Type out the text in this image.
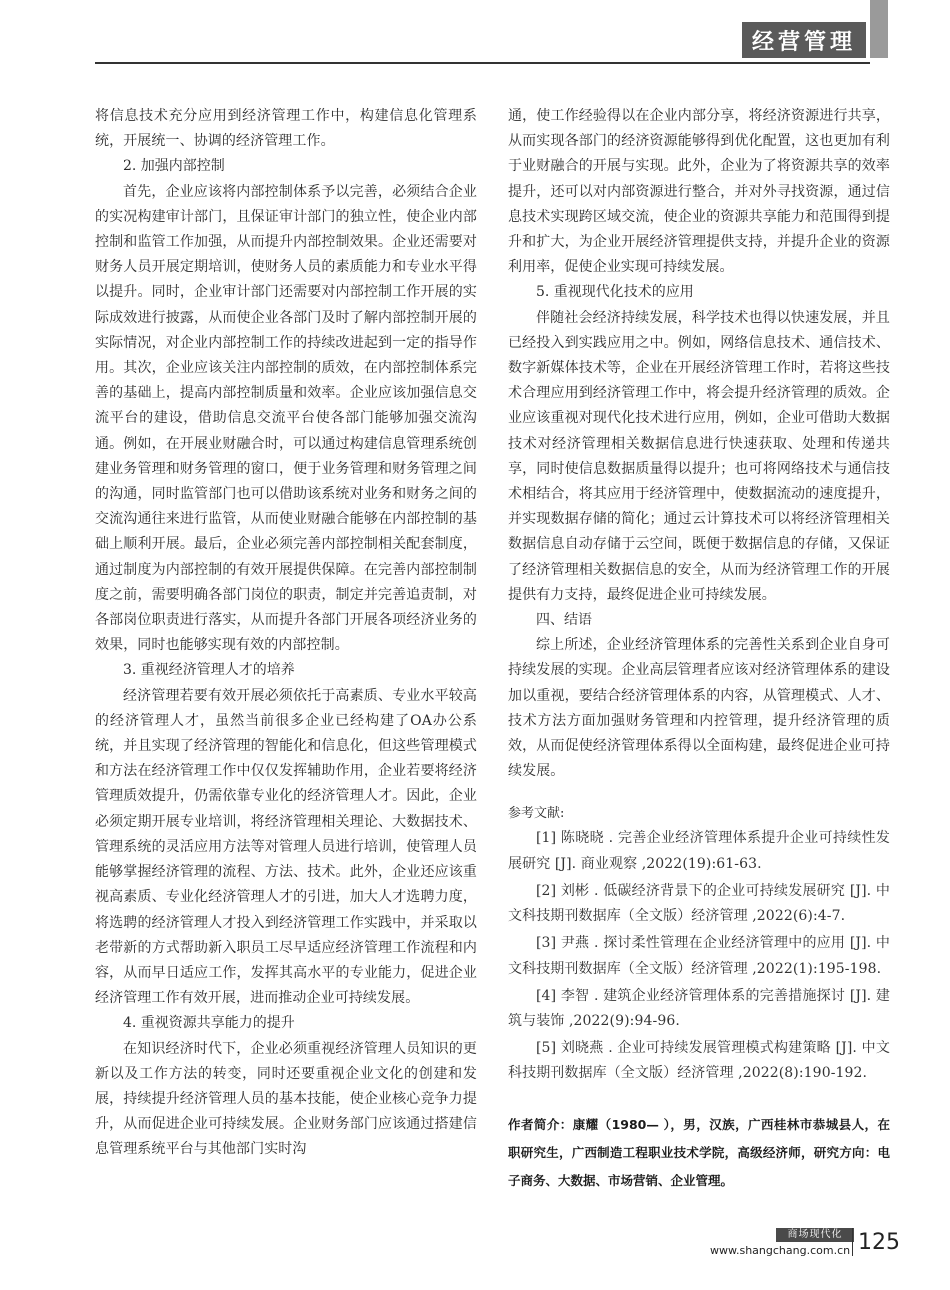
经营管理

将信息技术充分应用到经济管理工作中，构建信息化管理系统，开展统一、协调的经济管理工作。

2. 加强内部控制

首先，企业应该将内部控制体系予以完善，必须结合企业的实况构建审计部门，且保证审计部门的独立性，使企业内部控制和监管工作加强，从而提升内部控制效果。企业还需要对财务人员开展定期培训，使财务人员的素质能力和专业水平得以提升。同时，企业审计部门还需要对内部控制工作开展的实际成效进行披露，从而使企业各部门及时了解内部控制开展的实际情况，对企业内部控制工作的持续改进起到一定的指导作用。其次，企业应该关注内部控制的质效，在内部控制体系完善的基础上，提高内部控制质量和效率。企业应该加强信息交流平台的建设，借助信息交流平台使各部门能够加强交流沟通。例如，在开展业财融合时，可以通过构建信息管理系统创建业务管理和财务管理的窗口，便于业务管理和财务管理之间的沟通，同时监管部门也可以借助该系统对业务和财务之间的交流沟通往来进行监管，从而使业财融合能够在内部控制的基础上顺利开展。最后，企业必须完善内部控制相关配套制度，通过制度为内部控制的有效开展提供保障。在完善内部控制制度之前，需要明确各部门岗位的职责，制定并完善追责制，对各部岗位职责进行落实，从而提升各部门开展各项经济业务的效果，同时也能够实现有效的内部控制。

3. 重视经济管理人才的培养

经济管理若要有效开展必须依托于高素质、专业水平较高的经济管理人才，虽然当前很多企业已经构建了OA办公系统，并且实现了经济管理的智能化和信息化，但这些管理模式和方法在经济管理工作中仅仅发挥辅助作用，企业若要将经济管理质效提升，仍需依靠专业化的经济管理人才。因此，企业必须定期开展专业培训，将经济管理相关理论、大数据技术、管理系统的灵活应用方法等对管理人员进行培训，使管理人员能够掌握经济管理的流程、方法、技术。此外，企业还应该重视高素质、专业化经济管理人才的引进，加大人才选聘力度，将选聘的经济管理人才投入到经济管理工作实践中，并采取以老带新的方式帮助新入职员工尽早适应经济管理工作流程和内容，从而早日适应工作，发挥其高水平的专业能力，促进企业经济管理工作有效开展，进而推动企业可持续发展。

4. 重视资源共享能力的提升

在知识经济时代下，企业必须重视经济管理人员知识的更新以及工作方法的转变，同时还要重视企业文化的创建和发展，持续提升经济管理人员的基本技能，使企业核心竞争力提升，从而促进企业可持续发展。企业财务部门应该通过搭建信息管理系统平台与其他部门实时沟

通，使工作经验得以在企业内部分享，将经济资源进行共享，从而实现各部门的经济资源能够得到优化配置，这也更加有利于业财融合的开展与实现。此外，企业为了将资源共享的效率提升，还可以对内部资源进行整合，并对外寻找资源，通过信息技术实现跨区域交流，使企业的资源共享能力和范围得到提升和扩大，为企业开展经济管理提供支持，并提升企业的资源利用率，促使企业实现可持续发展。

5. 重视现代化技术的应用

伴随社会经济持续发展，科学技术也得以快速发展，并且已经投入到实践应用之中。例如，网络信息技术、通信技术、数字新媒体技术等，企业在开展经济管理工作时，若将这些技术合理应用到经济管理工作中，将会提升经济管理的质效。企业应该重视对现代化技术进行应用，例如，企业可借助大数据技术对经济管理相关数据信息进行快速获取、处理和传递共享，同时使信息数据质量得以提升；也可将网络技术与通信技术相结合，将其应用于经济管理中，使数据流动的速度提升，并实现数据存储的简化；通过云计算技术可以将经济管理相关数据信息自动存储于云空间，既便于数据信息的存储，又保证了经济管理相关数据信息的安全，从而为经济管理工作的开展提供有力支持，最终促进企业可持续发展。

四、结语

综上所述，企业经济管理体系的完善性关系到企业自身可持续发展的实现。企业高层管理者应该对经济管理体系的建设加以重视，要结合经济管理体系的内容，从管理模式、人才、技术方法方面加强财务管理和内控管理，提升经济管理的质效，从而促使经济管理体系得以全面构建，最终促进企业可持续发展。

参考文献:

[1] 陈晓晓 . 完善企业经济管理体系提升企业可持续性发展研究 [J]. 商业观察 ,2022(19):61-63.

[2] 刘彬 . 低碳经济背景下的企业可持续发展研究 [J]. 中文科技期刊数据库（全文版）经济管理 ,2022(6):4-7.

[3] 尹燕 . 探讨柔性管理在企业经济管理中的应用 [J]. 中文科技期刊数据库（全文版）经济管理 ,2022(1):195-198.

[4] 李智 . 建筑企业经济管理体系的完善措施探讨 [J]. 建筑与装饰 ,2022(9):94-96.

[5] 刘晓燕 . 企业可持续发展管理模式构建策略 [J]. 中文科技期刊数据库（全文版）经济管理 ,2022(8):190-192.

作者简介：康耀（1980— ），男，汉族，广西桂林市恭城县人，在职研究生，广西制造工程职业技术学院，高级经济师，研究方向：电子商务、大数据、市场营销、企业管理。
商场现代化
www.shangchang.com.cn 125
